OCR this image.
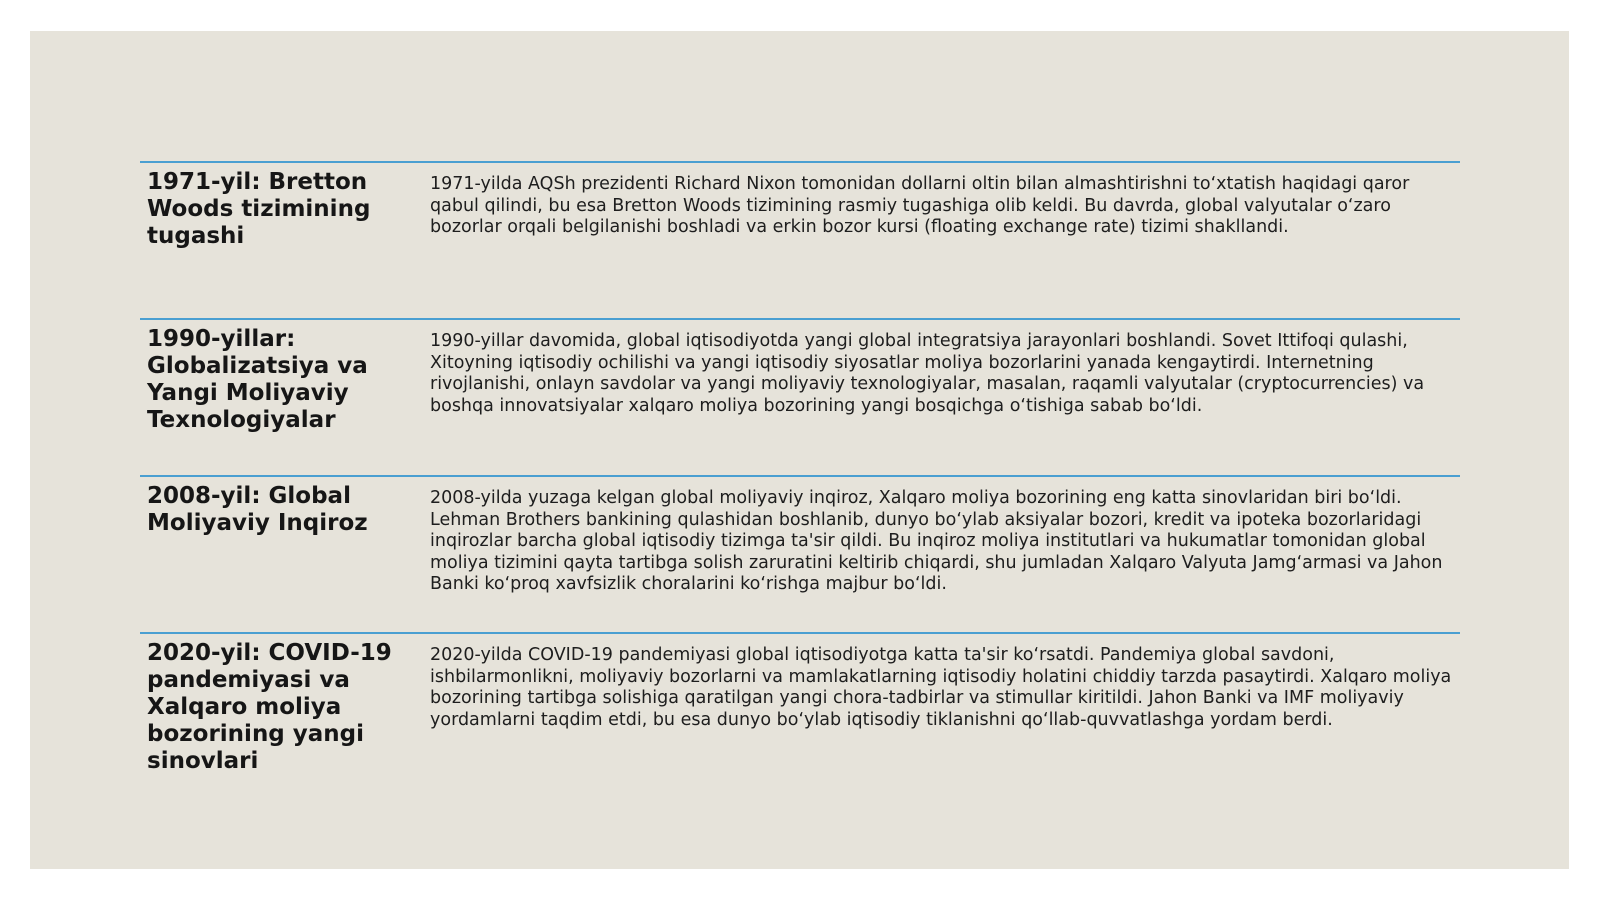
1971-yil: Bretton Woods tizimining tugashi

1971-yilda AQSh prezidenti Richard Nixon tomonidan dollarni oltin bilan almashtirishni to‘xtatish haqidagi qaror qabul qilindi, bu esa Bretton Woods tizimining rasmiy tugashiga olib keldi. Bu davrda, global valyutalar o‘zaro bozorlar orqali belgilanishi boshladi va erkin bozor kursi (floating exchange rate) tizimi shakllandi.

1990-yillar: Globalizatsiya va Yangi Moliyaviy Texnologiyalar

1990-yillar davomida, global iqtisodiyotda yangi global integratsiya jarayonlari boshlandi. Sovet Ittifoqi qulashi, Xitoyning iqtisodiy ochilishi va yangi iqtisodiy siyosatlar moliya bozorlarini yanada kengaytirdi. Internetning rivojlanishi, onlayn savdolar va yangi moliyaviy texnologiyalar, masalan, raqamli valyutalar (cryptocurrencies) va boshqa innovatsiyalar xalqaro moliya bozorining yangi bosqichga o‘tishiga sabab bo‘ldi.

2008-yil: Global Moliyaviy Inqiroz

2008-yilda yuzaga kelgan global moliyaviy inqiroz, Xalqaro moliya bozorining eng katta sinovlaridan biri bo‘ldi. Lehman Brothers bankining qulashidan boshlanib, dunyo bo‘ylab aksiyalar bozori, kredit va ipoteka bozorlaridagi inqirozlar barcha global iqtisodiy tizimga ta'sir qildi. Bu inqiroz moliya institutlari va hukumatlar tomonidan global moliya tizimini qayta tartibga solish zaruratini keltirib chiqardi, shu jumladan Xalqaro Valyuta Jamg‘armasi va Jahon Banki ko‘proq xavfsizlik choralarini ko‘rishga majbur bo‘ldi.

2020-yil: COVID-19 pandemiyasi va Xalqaro moliya bozorining yangi sinovlari

2020-yilda COVID-19 pandemiyasi global iqtisodiyotga katta ta'sir ko‘rsatdi. Pandemiya global savdoni, ishbilarmonlikni, moliyaviy bozorlarni va mamlakatlarning iqtisodiy holatini chiddiy tarzda pasaytirdi. Xalqaro moliya bozorining tartibga solishiga qaratilgan yangi chora-tadbirlar va stimullar kiritildi. Jahon Banki va IMF moliyaviy yordamlarni taqdim etdi, bu esa dunyo bo‘ylab iqtisodiy tiklanishni qo‘llab-quvvatlashga yordam berdi.
